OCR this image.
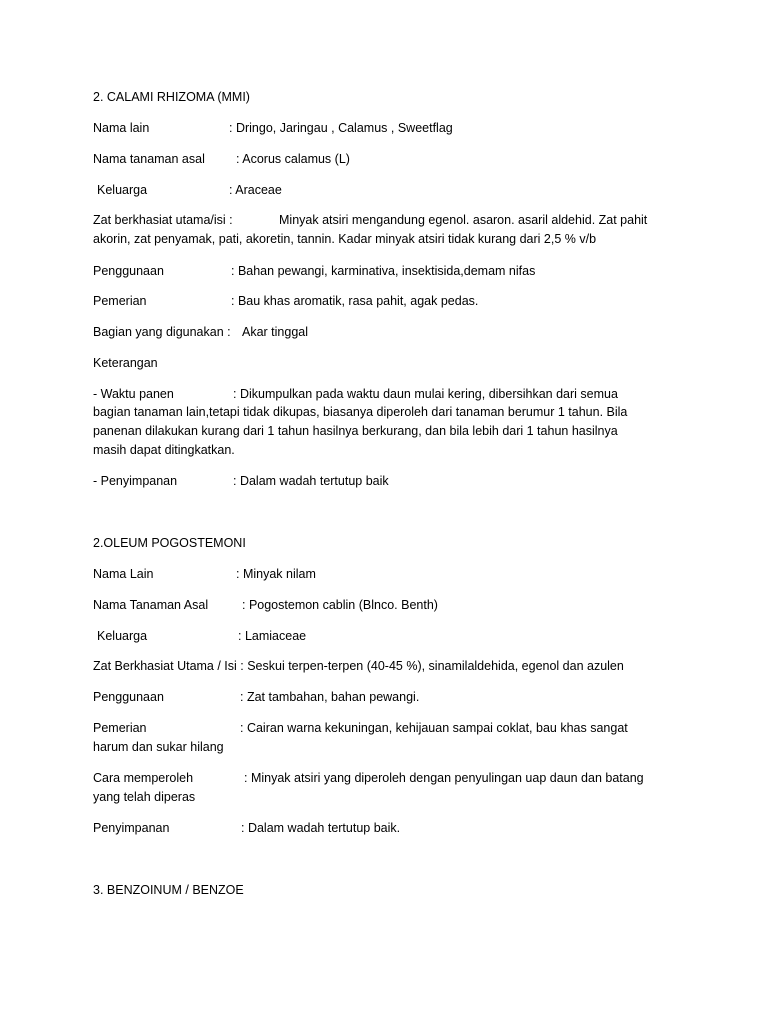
2. CALAMI RHIZOMA (MMI)
Nama lain	: Dringo, Jaringau , Calamus , Sweetflag
Nama tanaman asal : Acorus calamus (L)
Keluarga	: Araceae
Zat berkhasiat utama/isi :	Minyak atsiri mengandung egenol. asaron. asaril aldehid. Zat pahit
akorin, zat penyamak, pati, akoretin, tannin. Kadar minyak atsiri tidak kurang dari 2,5 % v/b
Penggunaan	: Bahan pewangi, karminativa, insektisida,demam nifas
Pemerian	: Bau khas aromatik, rasa pahit, agak pedas.
Bagian yang digunakan : Akar tinggal
Keterangan
- Waktu panen	: Dikumpulkan pada waktu daun mulai kering, dibersihkan dari semua
bagian tanaman lain,tetapi tidak dikupas, biasanya diperoleh dari tanaman berumur 1 tahun. Bila
panenan dilakukan kurang dari 1 tahun hasilnya berkurang, dan bila lebih dari 1 tahun hasilnya
masih dapat ditingkatkan.
- Penyimpanan	: Dalam wadah tertutup baik
2.OLEUM POGOSTEMONI
Nama Lain	: Minyak nilam
Nama Tanaman Asal	: Pogostemon cablin (Blnco. Benth)
Keluarga	: Lamiaceae
Zat Berkhasiat Utama / Isi : Seskui terpen-terpen (40-45 %), sinamilaldehida, egenol dan azulen
Penggunaan	: Zat tambahan, bahan pewangi.
Pemerian	: Cairan warna kekuningan, kehijauan sampai coklat, bau khas sangat
harum dan sukar hilang
Cara memperoleh	: Minyak atsiri yang diperoleh dengan penyulingan uap daun dan batang
yang telah diperas
Penyimpanan	: Dalam wadah tertutup baik.
3. BENZOINUM / BENZOE
